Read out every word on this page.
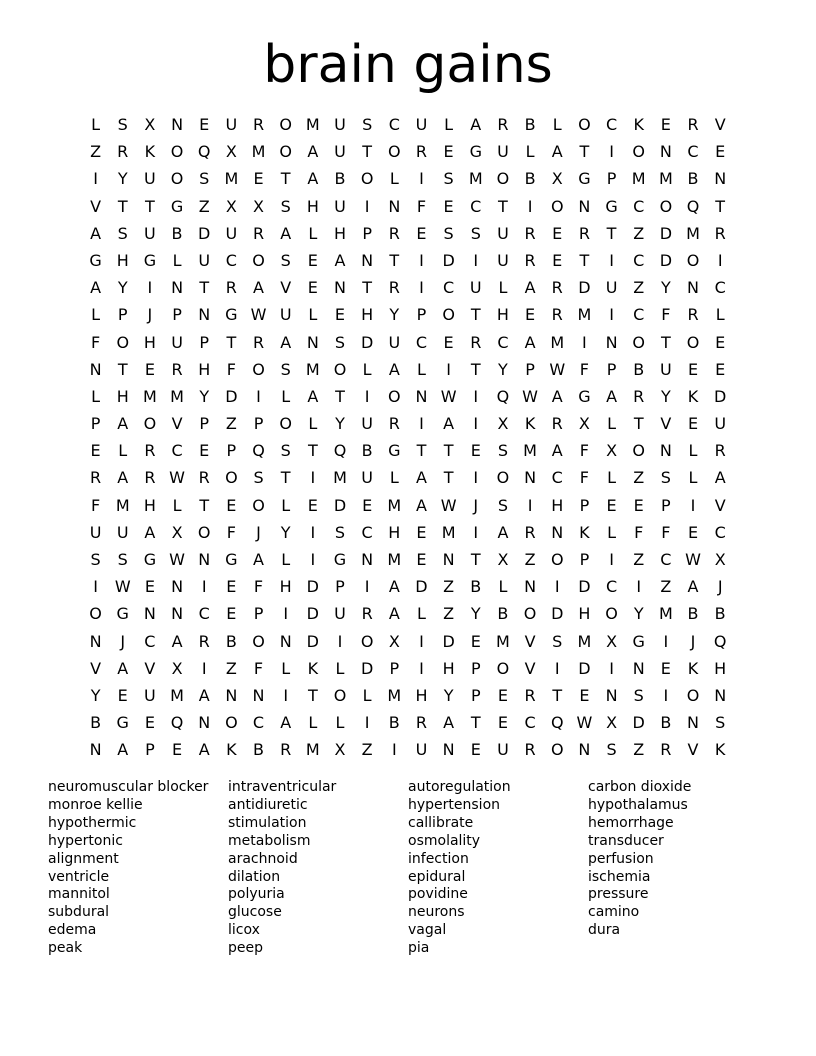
brain gains
L	S	X N	E	U R O M U	S	C U	L	A	R	B	L	O C	K	E	R	V
Z	R	K O Q X M O A U	T O R	E G U	L	A	T	I	O N C	E
I	Y	U O S M E	T	A	B O	L	I	S M O B	X G	P M M B N
V	T	T	G Z	X	X	S	H U	I	N	F	E	C	T	I	O N G C O Q T
A	S	U B D U R	A	L	H	P	R	E	S	S	U R	E	R	T	Z D M R
G H G	L	U C O S	E	A N	T	I	D	I	U R	E	T	I	C D O	I
A	Y	I	N	T	R	A	V	E	N	T	R	I	C U	L	A	R D U Z	Y	N C
L	P	J	P	N G W U	L	E	H	Y	P	O T	H	E	R M	I	C	F	R	L
F	O H U	P	T	R	A N	S D U C	E	R	C	A M	I	N O T O E
N	T	E	R H	F	O S M O	L	A	L	I	T	Y	P W F	P	B U	E	E
L	H M M Y	D	I	L	A	T	I	O N W	I	Q W A G A	R	Y	K D
P	A O V	P	Z	P	O	L	Y	U R	I	A	I	X	K	R	X	L	T	V	E	U
E	L	R	C	E	P	Q S	T Q B G	T	T	E	S M A	F	X O N	L	R
R	A	R W R O S	T	I	M U	L	A	T	I	O N C	F	L	Z	S	L	A
F M H	L	T	E O	L	E D E M A W	J	S	I	H	P	E	E	P	I	V
U U A	X O	F	J	Y	I	S	C H	E M	I	A	R N K	L	F	F	E	C
S	S G W N G A	L	I	G N M E	N	T	X	Z O	P	I	Z	C W X
I	W E	N	I	E	F	H D	P	I	A D Z	B	L	N	I	D C	I	Z	A	J
O G N N C	E	P	I	D U R	A	L	Z	Y	B O D H O Y M B	B
N	J	C	A	R	B O N D	I	O X	I	D E M V	S M X G	I	J	Q
V	A	V	X	I	Z	F	L	K	L	D	P	I	H	P	O V	I	D	I	N	E	K H
Y	E	U M A N N	I	T O	L M H	Y	P	E	R	T	E	N	S	I	O N
B G E Q N O C	A	L	L	I	B	R	A	T	E	C Q W X D B N	S
N A	P	E	A	K	B	R M X	Z	I	U N	E	U R O N	S	Z	R	V	K
neuromuscular blocker
monroe kellie
hypothermic
hypertonic
alignment
ventricle
mannitol
subdural
edema
peak
intraventricular
antidiuretic
stimulation
metabolism
arachnoid
dilation
polyuria
glucose
licox
peep
autoregulation
hypertension
callibrate
osmolality
infection
epidural
povidine
neurons
vagal
pia
carbon dioxide
hypothalamus
hemorrhage
transducer
perfusion
ischemia
pressure
camino
dura
